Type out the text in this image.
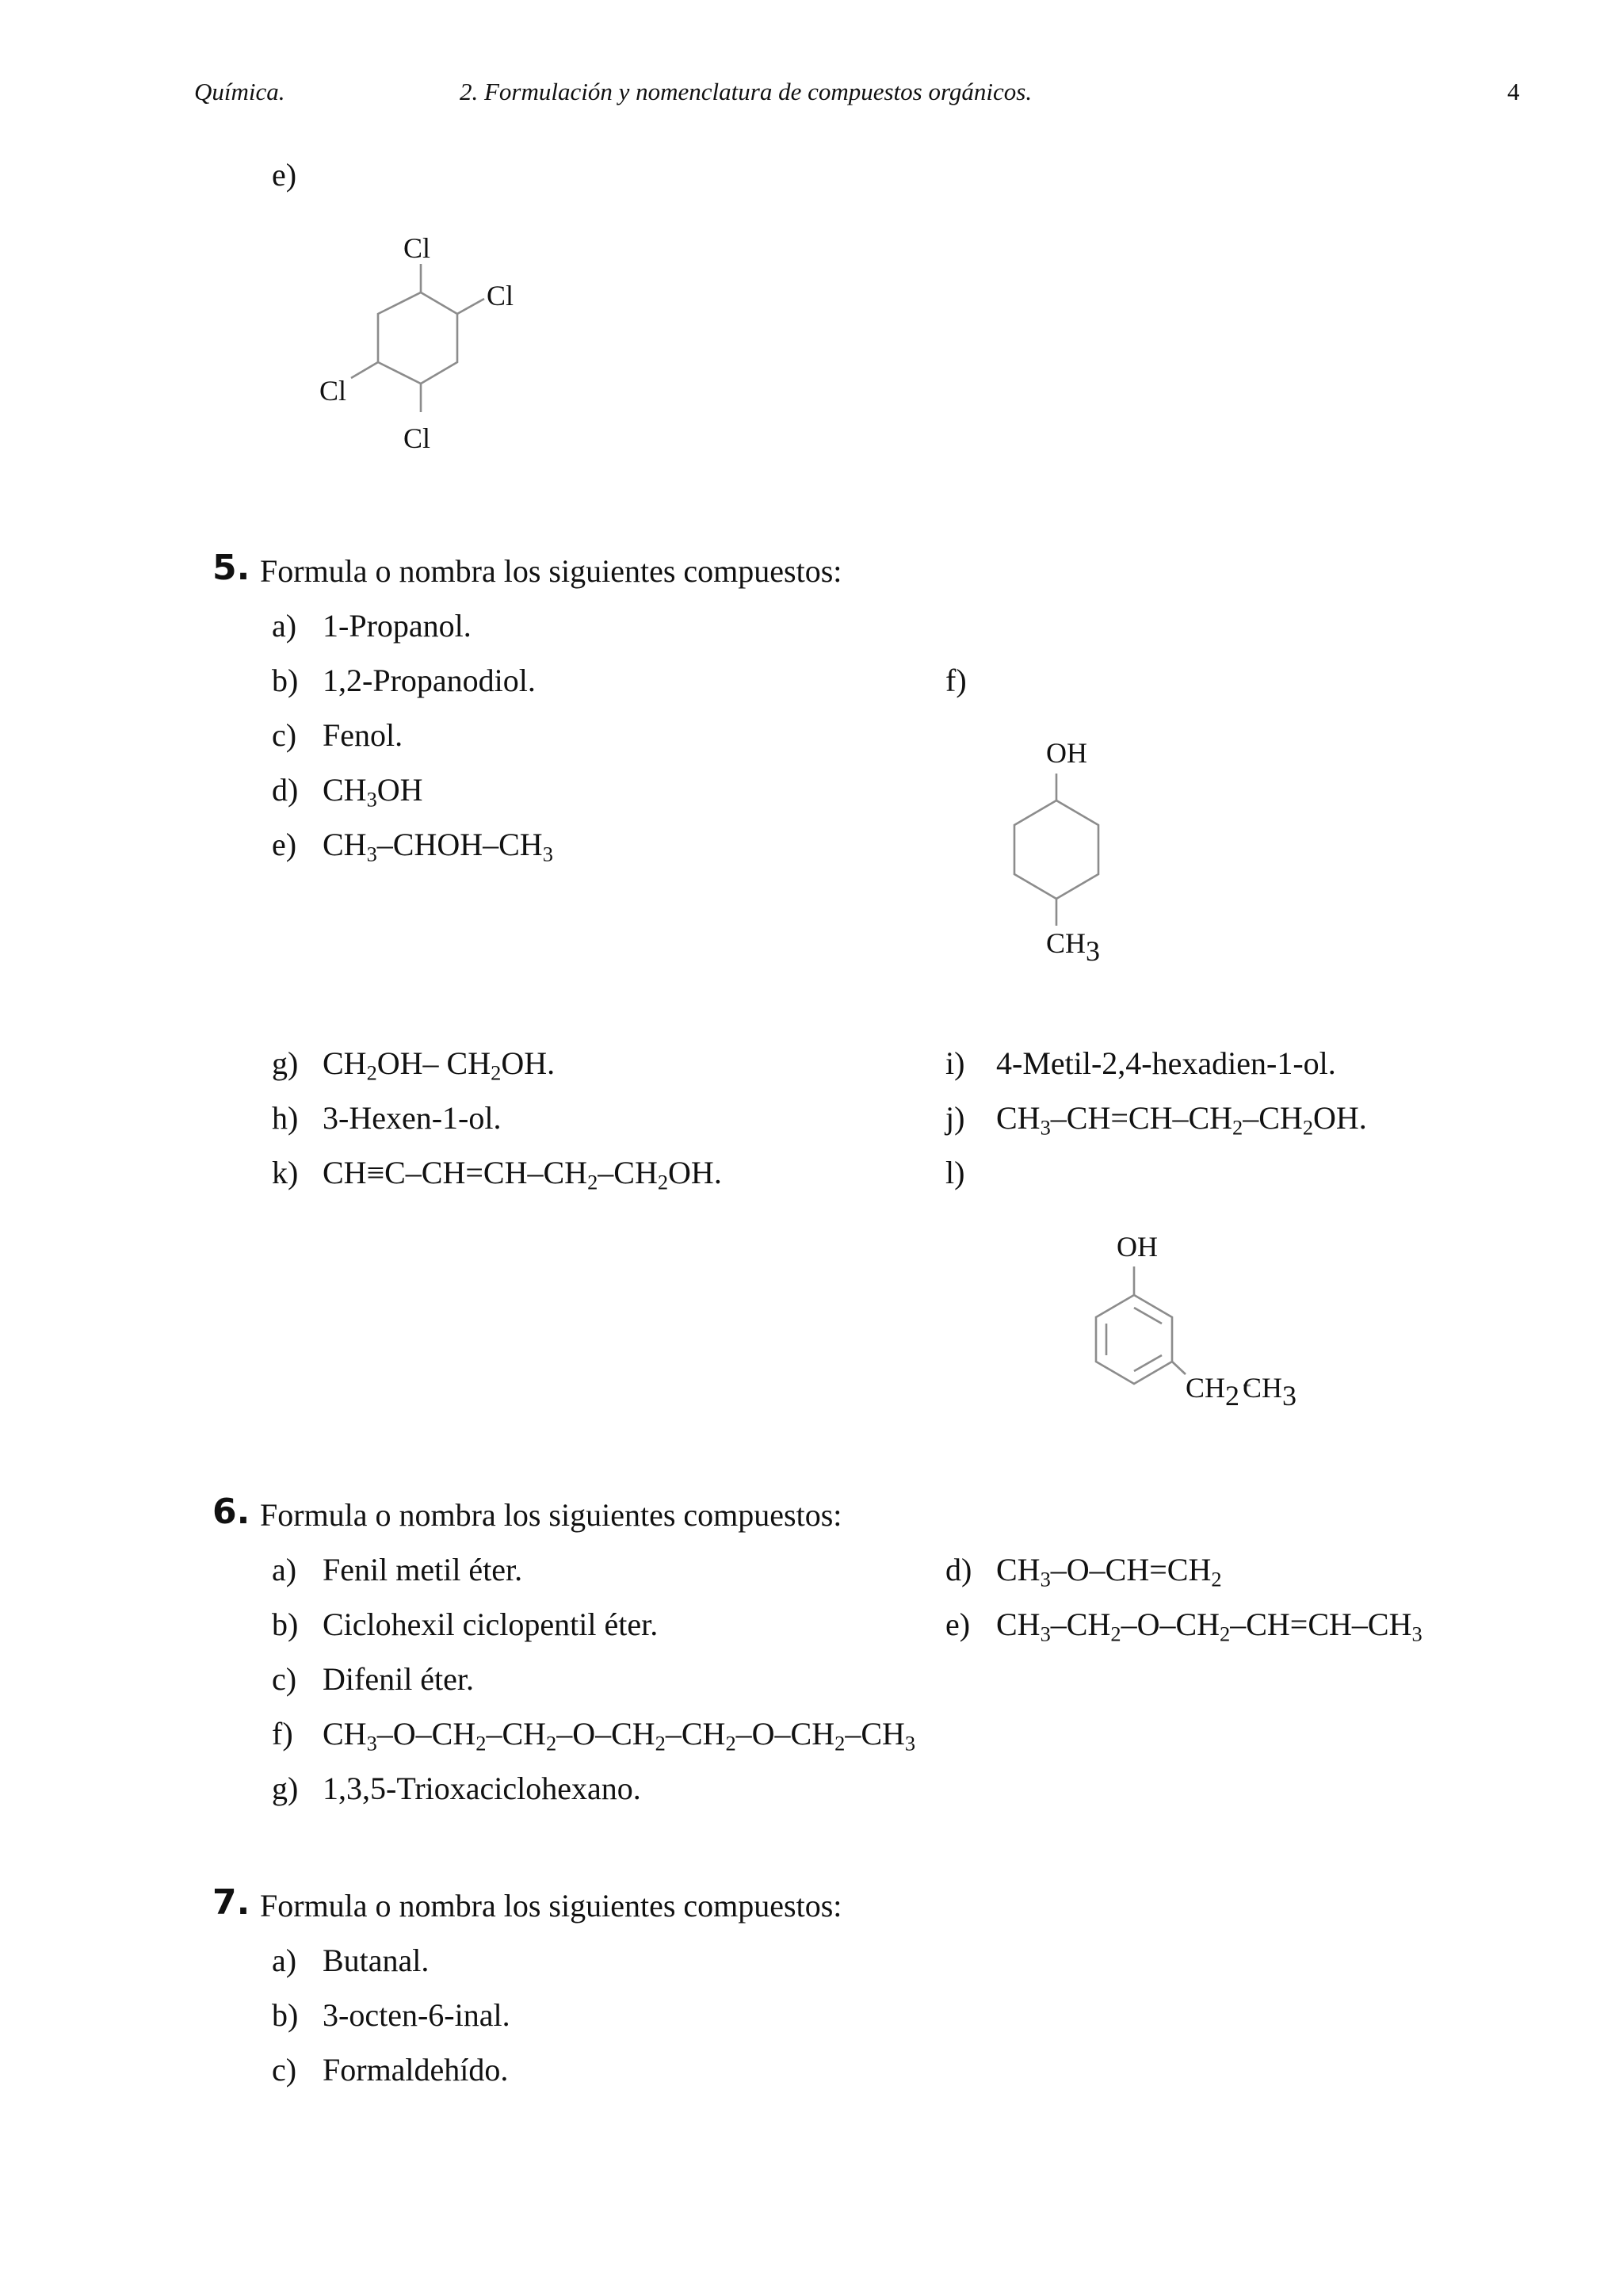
Química.	2. Formulación y nomenclatura de compuestos orgánicos.	4
e)
Cl
Cl
Cl
Cl
5. Formula o nombra los siguientes compuestos:
a) 1-Propanol.
b) 1,2-Propanodiol.
c) Fenol.
d) $CH_3OH$
e) $CH_3-CHOH-CH_3$
f)
OH
CH3
g) $CH_2OH-$ $CH_2OH$.
h) 3-Hexen-1-ol.
i) 4-Metil-2,4-hexadien-1-ol.
j) $CH_3-CH=CH-CH_2-CH_2OH$.
k) $CH\equiv C-CH=CH-CH_2-CH_2OH$.	l)
OH
CH2 CH3
6. Formula o nombra los siguientes compuestos:
a) Fenil metil éter.
b) Ciclohexil ciclopentil éter.
c) Difenil éter.
d) $CH_3-O-CH=CH_2$
e) $CH_3-CH_2-O-CH_2-CH=CH-CH_3$
f) $CH_3-O-CH_2-CH_2-O-CH_2-CH_2-O-CH_2-CH_3$
g) 1,3,5-Trioxaciclohexano.
7. Formula o nombra los siguientes compuestos:
a) Butanal.
b) 3-octen-6-inal.
c) Formaldehído.
